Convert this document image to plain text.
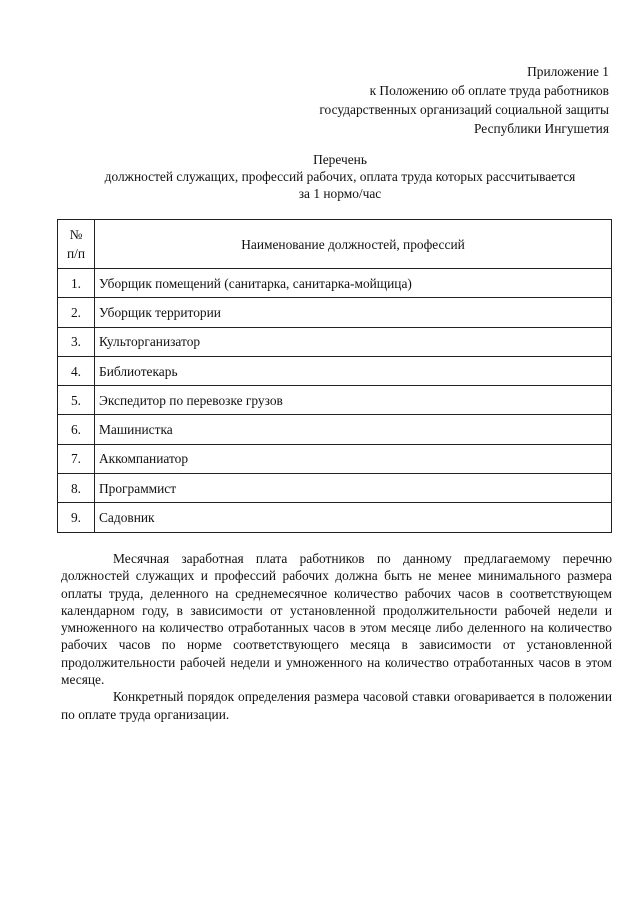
Приложение 1
к Положению об оплате труда работников
государственных организаций социальной защиты
Республики Ингушетия
Перечень
должностей служащих, профессий рабочих, оплата труда которых рассчитывается
за 1 нормо/час
№
п/п	Наименование должностей, профессий
1.	Уборщик помещений (санитарка, санитарка-мойщица)
2.	Уборщик территории
3.	Культорганизатор
4.	Библиотекарь
5.	Экспедитор по перевозке грузов
6.	Машинистка
7.	Аккомпаниатор
8.	Программист
9.	Садовник

Месячная заработная плата работников по данному предлагаемому перечню должностей служащих и профессий рабочих должна быть не менее минимального размера оплаты труда, деленного на среднемесячное количество рабочих часов в соответствующем календарном году, в зависимости от установленной продолжительности рабочей недели и умноженного на количество отработанных часов в этом месяце либо деленного на количество рабочих часов по норме соответствующего месяца в зависимости от установленной продолжительности рабочей недели и умноженного на количество отработанных часов в этом месяце.

Конкретный порядок определения размера часовой ставки оговаривается в положении по оплате труда организации.
